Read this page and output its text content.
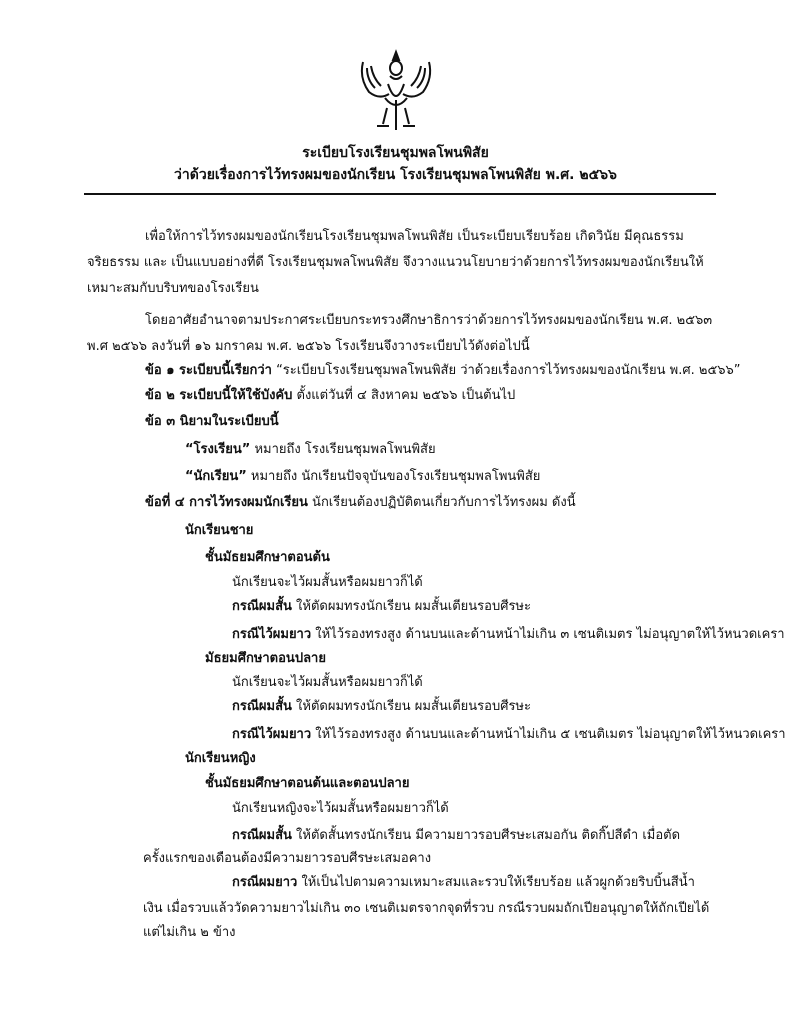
ระเบียบโรงเรียนชุมพลโพนพิสัย
ว่าด้วยเรื่องการไว้ทรงผมของนักเรียน โรงเรียนชุมพลโพนพิสัย พ.ศ. ๒๕๖๖
เพื่อให้การไว้ทรงผมของนักเรียนโรงเรียนชุมพลโพนพิสัย เป็นระเบียบเรียบร้อย เกิดวินัย มีคุณธรรม
จริยธรรม และ เป็นแบบอย่างที่ดี โรงเรียนชุมพลโพนพิสัย จึงวางแนวนโยบายว่าด้วยการไว้ทรงผมของนักเรียนให้
เหมาะสมกับบริบทของโรงเรียน
โดยอาศัยอำนาจตามประกาศระเบียบกระทรวงศึกษาธิการว่าด้วยการไว้ทรงผมของนักเรียน พ.ศ. ๒๕๖๓
พ.ศ ๒๕๖๖ ลงวันที่ ๑๖ มกราคม พ.ศ. ๒๕๖๖ โรงเรียนจึงวางระเบียบไว้ดังต่อไปนี้
ข้อ ๑ ระเบียบนี้เรียกว่า “ระเบียบโรงเรียนชุมพลโพนพิสัย ว่าด้วยเรื่องการไว้ทรงผมของนักเรียน พ.ศ. ๒๕๖๖”
ข้อ ๒ ระเบียบนี้ให้ใช้บังคับ ตั้งแต่วันที่ ๔ สิงหาคม ๒๕๖๖ เป็นต้นไป
ข้อ ๓ นิยามในระเบียบนี้
“โรงเรียน” หมายถึง โรงเรียนชุมพลโพนพิสัย
“นักเรียน” หมายถึง นักเรียนปัจจุบันของโรงเรียนชุมพลโพนพิสัย
ข้อที่ ๔ การไว้ทรงผมนักเรียน นักเรียนต้องปฏิบัติตนเกี่ยวกับการไว้ทรงผม ดังนี้
นักเรียนชาย
ชั้นมัธยมศึกษาตอนต้น
นักเรียนจะไว้ผมสั้นหรือผมยาวก็ได้
กรณีผมสั้น ให้ตัดผมทรงนักเรียน ผมสั้นเตียนรอบศีรษะ
กรณีไว้ผมยาว ให้ไว้รองทรงสูง ด้านบนและด้านหน้าไม่เกิน ๓ เซนติเมตร ไม่อนุญาตให้ไว้หนวดเครา
มัธยมศึกษาตอนปลาย
นักเรียนจะไว้ผมสั้นหรือผมยาวก็ได้
กรณีผมสั้น ให้ตัดผมทรงนักเรียน ผมสั้นเตียนรอบศีรษะ
กรณีไว้ผมยาว ให้ไว้รองทรงสูง ด้านบนและด้านหน้าไม่เกิน ๕ เซนติเมตร ไม่อนุญาตให้ไว้หนวดเครา
นักเรียนหญิง
ชั้นมัธยมศึกษาตอนต้นและตอนปลาย
นักเรียนหญิงจะไว้ผมสั้นหรือผมยาวก็ได้
กรณีผมสั้น ให้ตัดสั้นทรงนักเรียน มีความยาวรอบศีรษะเสมอกัน ติดกิ๊ปสีดำ เมื่อตัด
ครั้งแรกของเดือนต้องมีความยาวรอบศีรษะเสมอคาง
กรณีผมยาว ให้เป็นไปตามความเหมาะสมและรวบให้เรียบร้อย แล้วผูกด้วยริบบิ้นสีน้ำ
เงิน เมื่อรวบแล้ววัดความยาวไม่เกิน ๓๐ เซนติเมตรจากจุดที่รวบ กรณีรวบผมถักเปียอนุญาตให้ถักเปียได้
แต่ไม่เกิน ๒ ข้าง
